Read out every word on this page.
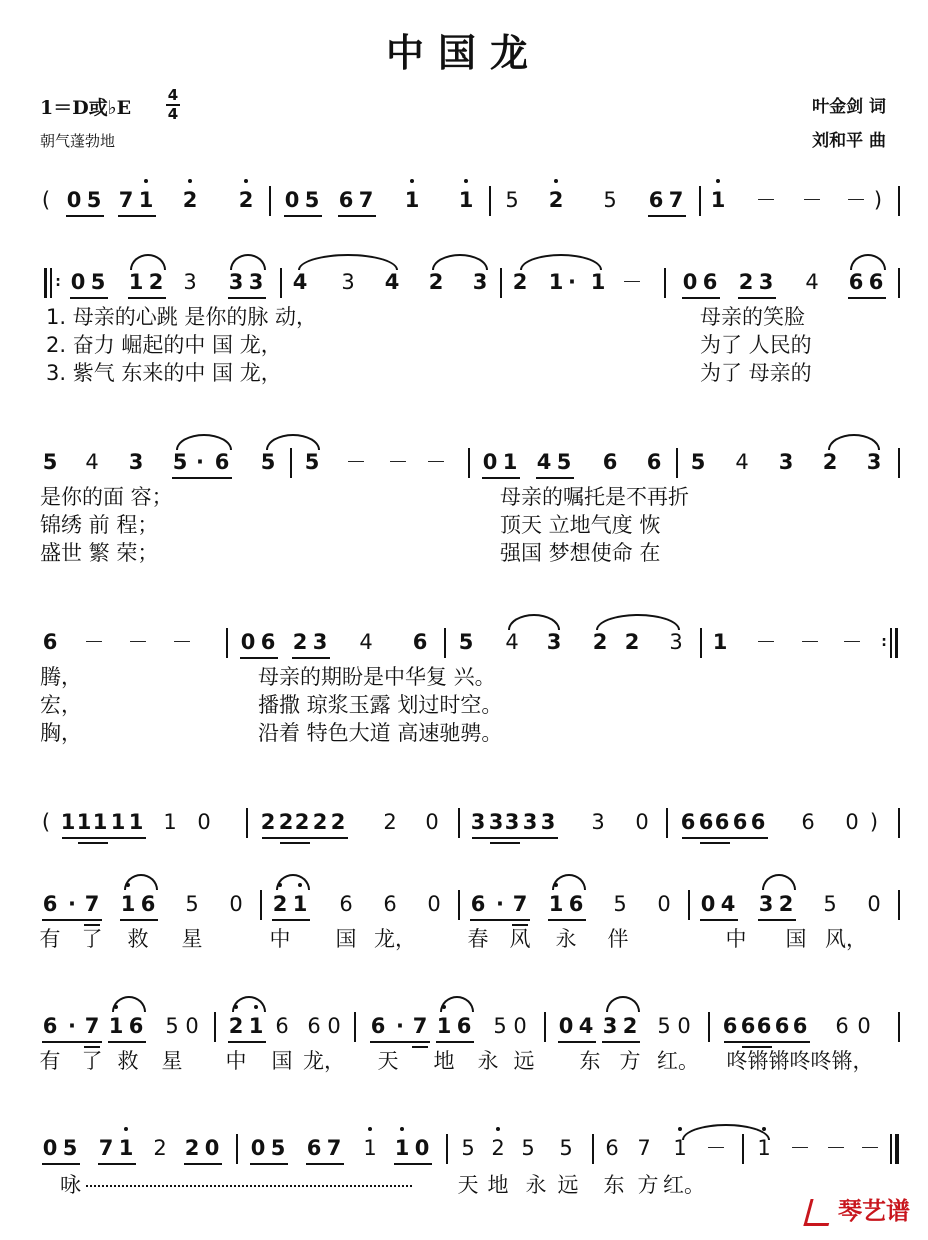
中国龙
1＝D或♭E
4
4
朝气蓬勃地
叶金剑 词
刘和平 曲
( 0 5 7 1 2 2 0 5 6 7 1 1 5 2 5 6 7 1 － － － )
: 0 5 1 2 3 3 3 4 3 4 2 3 2 1 · 1 － 0 6 2 3 4 6 6
1. 母亲的心跳 是你的脉 动，	母亲的笑脸
2. 奋力 崛起的中 国 龙，	为了 人民的
3. 紫气 东来的中 国 龙，	为了 母亲的
5 4 3 5 · 6 5 5 － － － 0 1 4 5 6 6 5 4 3 2 3
是你的面 容；	母亲的嘱托是不再折
锦绣 前 程；	顶天 立地气度 恢
盛世 繁 荣；	强国 梦想使命 在
6 － － － 0 6 2 3 4 6 5 4 3 2 2 3 1 － － － :
腾，	母亲的期盼是中华复 兴。
宏，	播撒 琼浆玉露 划过时空。
胸，	沿着 特色大道 高速驰骋。
( 1 1 1 1 1 1 0 2 2 2 2 2 2 0 3 3 3 3 3 3 0 6 6 6 6 6 6 0 )
6 · 7 1 6 5 0 2 1 6 6 0 6 · 7 1 6 5 0 0 4 3 2 5 0
有 了 救 星	中 国 龙， 春 风 永 伴	中 国 风，
6 · 7 1 6 5 0 2 1 6 6 0 6 · 7 1 6 5 0 0 4 3 2 5 0 6 6 6 6 6 6 0
有 了 救 星 中 国 龙， 天 地 永 远 东 方 红。 咚锵锵咚咚锵，
0 5 7 1 2 2 0 0 5 6 7 1 1 0 5 2 5 5 6 7 1 － 1 － － －
咏	天 地 永 远 东 方 红。
琴艺谱
